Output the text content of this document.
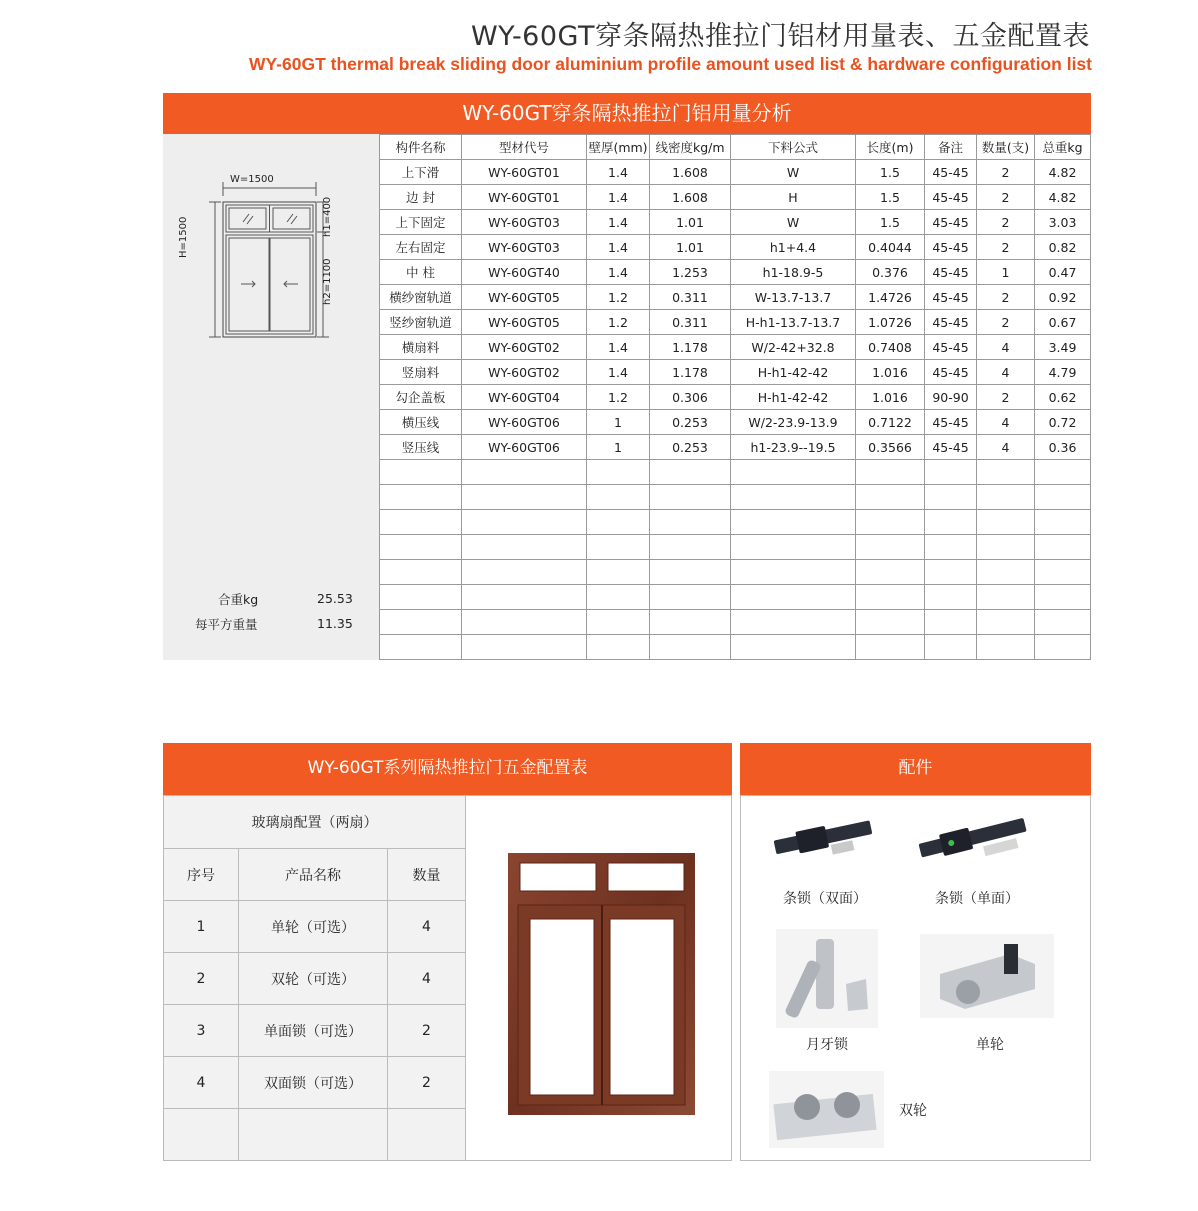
WY-60GT穿条隔热推拉门铝材用量表、五金配置表
WY-60GT thermal break sliding door aluminium profile amount used list & hardware configuration list
WY-60GT穿条隔热推拉门铝用量分析
W=1500
H=1500	h1=400
h2=1100
合重kg	25.53
每平方重量	11.35
构件名称	型材代号	壁厚(mm)	线密度kg/m	下料公式	长度(m)	备注	数量(支)	总重kg
上下滑	WY-60GT01	1.4	1.608	W	1.5	45-45	2	4.82
边 封	WY-60GT01	1.4	1.608	H	1.5	45-45	2	4.82
上下固定	WY-60GT03	1.4	1.01	W	1.5	45-45	2	3.03
左右固定	WY-60GT03	1.4	1.01	h1+4.4	0.4044	45-45	2	0.82
中 柱	WY-60GT40	1.4	1.253	h1-18.9-5	0.376	45-45	1	0.47
横纱窗轨道	WY-60GT05	1.2	0.311	W-13.7-13.7	1.4726	45-45	2	0.92
竖纱窗轨道	WY-60GT05	1.2	0.311	H-h1-13.7-13.7	1.0726	45-45	2	0.67
横扇料	WY-60GT02	1.4	1.178	W/2-42+32.8	0.7408	45-45	4	3.49
竖扇料	WY-60GT02	1.4	1.178	H-h1-42-42	1.016	45-45	4	4.79
勾企盖板	WY-60GT04	1.2	0.306	H-h1-42-42	1.016	90-90	2	0.62
横压线	WY-60GT06	1	0.253	W/2-23.9-13.9	0.7122	45-45	4	0.72
竖压线	WY-60GT06	1	0.253	h1-23.9--19.5	0.3566	45-45	4	0.36

WY-60GT系列隔热推拉门五金配置表	配件
玻璃扇配置（两扇）		
序号	产品名称	数量
1	单轮（可选）	4
2	双轮（可选）	4
3	单面锁（可选）	2
4	双面锁（可选）	2

条锁（双面）	条锁（单面）
月牙锁	单轮
双轮
